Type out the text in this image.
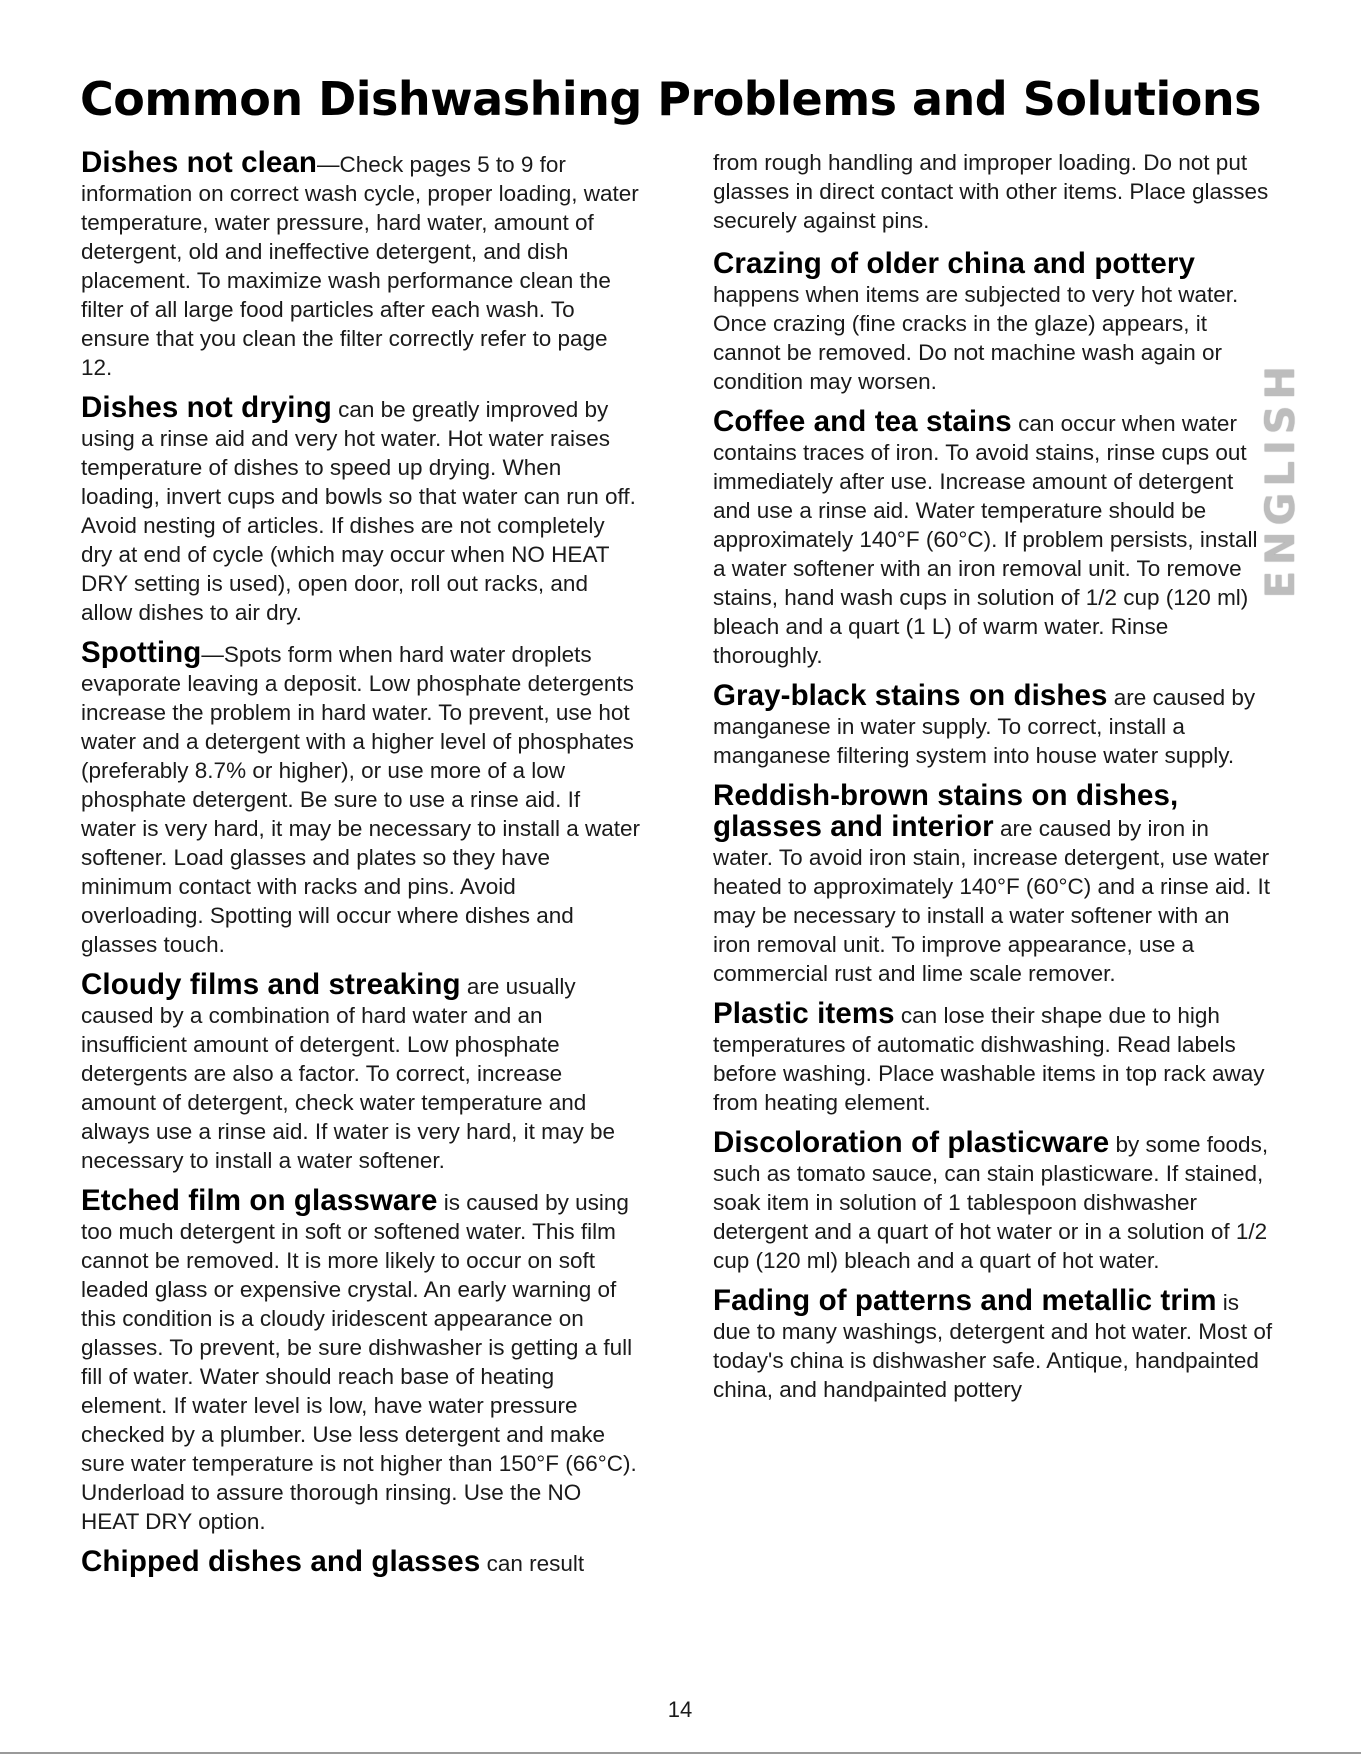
Common Dishwashing Problems and Solutions

Dishes not clean—Check pages 5 to 9 for information on correct wash cycle, proper loading, water temperature, water pressure, hard water, amount of detergent, old and ineffective detergent, and dish placement. To maximize wash performance clean the filter of all large food particles after each wash. To ensure that you clean the filter correctly refer to page 12.

Dishes not drying can be greatly improved by using a rinse aid and very hot water. Hot water raises temperature of dishes to speed up drying. When loading, invert cups and bowls so that water can run off. Avoid nesting of articles. If dishes are not completely dry at end of cycle (which may occur when NO HEAT DRY setting is used), open door, roll out racks, and allow dishes to air dry.

Spotting—Spots form when hard water droplets evaporate leaving a deposit. Low phosphate detergents increase the problem in hard water. To prevent, use hot water and a detergent with a higher level of phosphates (preferably 8.7% or higher), or use more of a low phosphate detergent. Be sure to use a rinse aid. If water is very hard, it may be necessary to install a water softener. Load glasses and plates so they have minimum contact with racks and pins. Avoid overloading. Spotting will occur where dishes and glasses touch.

Cloudy films and streaking are usually caused by a combination of hard water and an insufficient amount of detergent. Low phosphate detergents are also a factor. To correct, increase amount of detergent, check water temperature and always use a rinse aid. If water is very hard, it may be necessary to install a water softener.

Etched film on glassware is caused by using too much detergent in soft or softened water. This film cannot be removed. It is more likely to occur on soft leaded glass or expensive crystal. An early warning of this condition is a cloudy iridescent appearance on glasses. To prevent, be sure dishwasher is getting a full fill of water. Water should reach base of heating element. If water level is low, have water pressure checked by a plumber. Use less detergent and make sure water temperature is not higher than 150°F (66°C). Underload to assure thorough rinsing. Use the NO HEAT DRY option.

Chipped dishes and glasses can result

from rough handling and improper loading. Do not put glasses in direct contact with other items. Place glasses securely against pins.

Crazing of older china and pottery happens when items are subjected to very hot water. Once crazing (fine cracks in the glaze) appears, it cannot be removed. Do not machine wash again or condition may worsen.

Coffee and tea stains can occur when water contains traces of iron. To avoid stains, rinse cups out immediately after use. Increase amount of detergent and use a rinse aid. Water temperature should be approximately 140°F (60°C). If problem persists, install a water softener with an iron removal unit. To remove stains, hand wash cups in solution of 1/2 cup (120 ml) bleach and a quart (1 L) of warm water. Rinse thoroughly.

Gray-black stains on dishes are caused by manganese in water supply. To correct, install a manganese filtering system into house water supply.

Reddish-brown stains on dishes, glasses and interior are caused by iron in water. To avoid iron stain, increase detergent, use water heated to approximately 140°F (60°C) and a rinse aid. It may be necessary to install a water softener with an iron removal unit. To improve appearance, use a commercial rust and lime scale remover.

Plastic items can lose their shape due to high temperatures of automatic dishwashing. Read labels before washing. Place washable items in top rack away from heating element.

Discoloration of plasticware by some foods, such as tomato sauce, can stain plasticware. If stained, soak item in solution of 1 tablespoon dishwasher detergent and a quart of hot water or in a solution of 1/2 cup (120 ml) bleach and a quart of hot water.

Fading of patterns and metallic trim is due to many washings, detergent and hot water. Most of today's china is dishwasher safe. Antique, handpainted china, and handpainted pottery

ENGLISH
14
